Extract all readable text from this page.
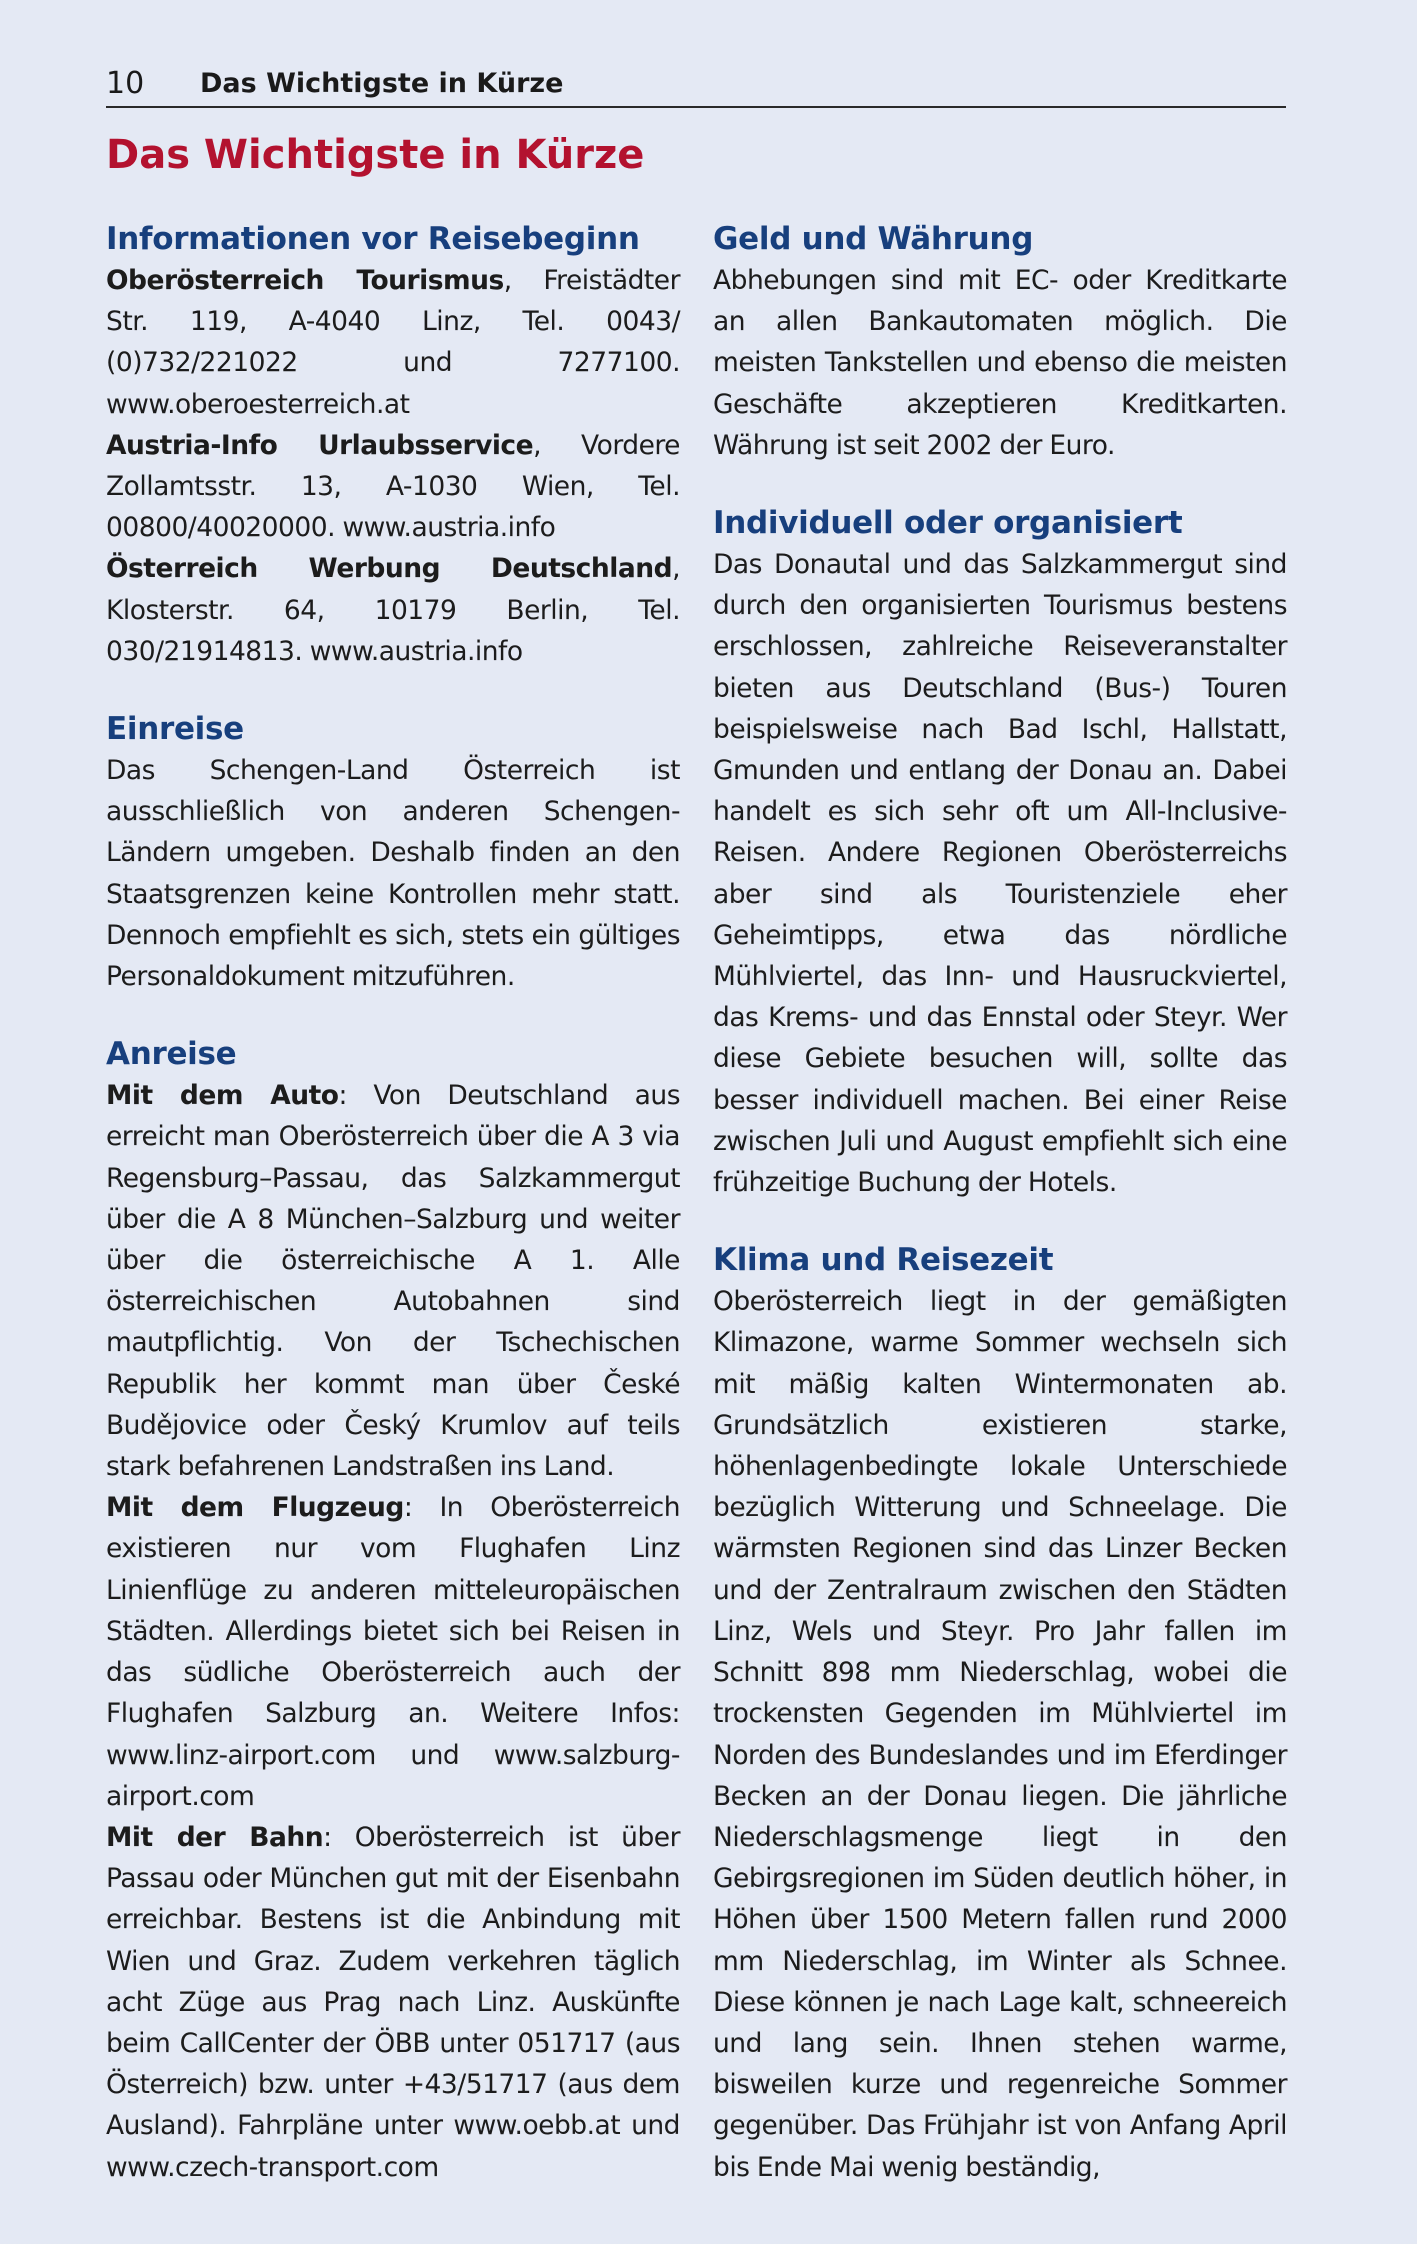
10 Das Wichtigste in Kürze
Das Wichtigste in Kürze
Informationen vor Reisebeginn

Oberösterreich Tourismus, Freistädter Str. 119, A-4040 Linz, Tel. 0043/ (0)732/221022 und 7277100. www.oberoesterreich.at
Austria-Info Urlaubsservice, Vordere Zollamtsstr. 13, A-1030 Wien, Tel. 00800/40020000. www.austria.info
Österreich Werbung Deutschland, Klosterstr. 64, 10179 Berlin, Tel. 030/21914813. www.austria.info

Einreise

Das Schengen-Land Österreich ist ausschließlich von anderen Schengen-Ländern umgeben. Deshalb finden an den Staatsgrenzen keine Kontrollen mehr statt. Dennoch empfiehlt es sich, stets ein gültiges Personaldokument mitzuführen.

Anreise

Mit dem Auto: Von Deutschland aus erreicht man Oberösterreich über die A 3 via Regensburg–Passau, das Salzkammergut über die A 8 München–Salzburg und weiter über die österreichische A 1. Alle österreichischen Autobahnen sind mautpflichtig. Von der Tschechischen Republik her kommt man über České Budějovice oder Český Krumlov auf teils stark befahrenen Landstraßen ins Land.
Mit dem Flugzeug: In Oberösterreich existieren nur vom Flughafen Linz Linienflüge zu anderen mitteleuropäischen Städten. Allerdings bietet sich bei Reisen in das südliche Oberösterreich auch der Flughafen Salzburg an. Weitere Infos: www.linz-airport.com und www.salzburg-airport.com
Mit der Bahn: Oberösterreich ist über Passau oder München gut mit der Eisenbahn erreichbar. Bestens ist die Anbindung mit Wien und Graz. Zudem verkehren täglich acht Züge aus Prag nach Linz. Auskünfte beim CallCenter der ÖBB unter 051717 (aus Österreich) bzw. unter +43/51717 (aus dem Ausland). Fahrpläne unter www.oebb.at und www.czech-transport.com

Geld und Währung

Abhebungen sind mit EC- oder Kreditkarte an allen Bankautomaten möglich. Die meisten Tankstellen und ebenso die meisten Geschäfte akzeptieren Kreditkarten. Währung ist seit 2002 der Euro.

Individuell oder organisiert

Das Donautal und das Salzkammergut sind durch den organisierten Tourismus bestens erschlossen, zahlreiche Reiseveranstalter bieten aus Deutschland (Bus-) Touren beispielsweise nach Bad Ischl, Hallstatt, Gmunden und entlang der Donau an. Dabei handelt es sich sehr oft um All-Inclusive-Reisen. Andere Regionen Oberösterreichs aber sind als Touristenziele eher Geheimtipps, etwa das nördliche Mühlviertel, das Inn- und Hausruckviertel, das Krems- und das Ennstal oder Steyr. Wer diese Gebiete besuchen will, sollte das besser individuell machen. Bei einer Reise zwischen Juli und August empfiehlt sich eine frühzeitige Buchung der Hotels.

Klima und Reisezeit

Oberösterreich liegt in der gemäßigten Klimazone, warme Sommer wechseln sich mit mäßig kalten Wintermonaten ab. Grundsätzlich existieren starke, höhenlagenbedingte lokale Unterschiede bezüglich Witterung und Schneelage. Die wärmsten Regionen sind das Linzer Becken und der Zentralraum zwischen den Städten Linz, Wels und Steyr. Pro Jahr fallen im Schnitt 898 mm Niederschlag, wobei die trockensten Gegenden im Mühlviertel im Norden des Bundeslandes und im Eferdinger Becken an der Donau liegen. Die jährliche Niederschlagsmenge liegt in den Gebirgsregionen im Süden deutlich höher, in Höhen über 1500 Metern fallen rund 2000 mm Niederschlag, im Winter als Schnee. Diese können je nach Lage kalt, schneereich und lang sein. Ihnen stehen warme, bisweilen kurze und regenreiche Sommer gegenüber. Das Frühjahr ist von Anfang April bis Ende Mai wenig beständig,
